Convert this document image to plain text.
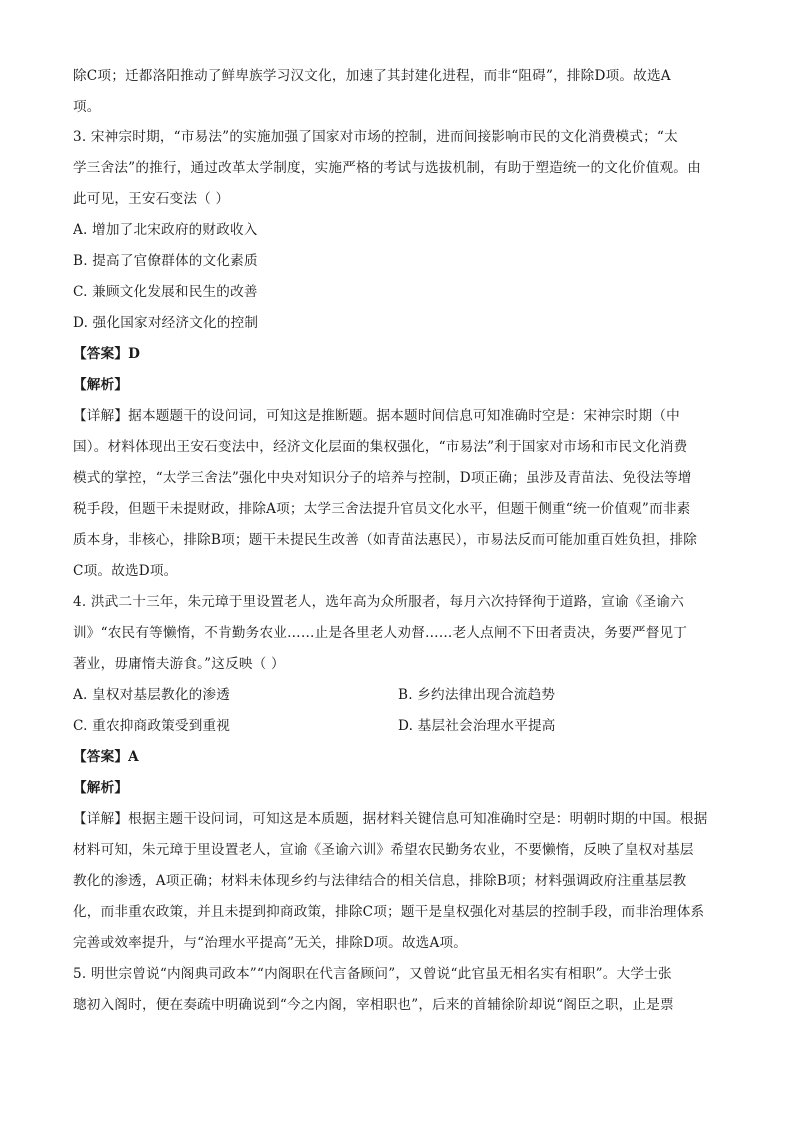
除C项；迁都洛阳推动了鲜卑族学习汉文化，加速了其封建化进程，而非“阻碍”，排除D项。故选A
项。
3. 宋神宗时期，“市易法”的实施加强了国家对市场的控制，进而间接影响市民的文化消费模式；“太
学三舍法”的推行，通过改革太学制度，实施严格的考试与选拔机制，有助于塑造统一的文化价值观。由
此可见，王安石变法（ ）
A. 增加了北宋政府的财政收入
B. 提高了官僚群体的文化素质
C. 兼顾文化发展和民生的改善
D. 强化国家对经济文化的控制
【答案】D
【解析】
【详解】据本题题干的设问词，可知这是推断题。据本题时间信息可知准确时空是：宋神宗时期（中
国）。材料体现出王安石变法中，经济文化层面的集权强化，“市易法”利于国家对市场和市民文化消费
模式的掌控，“太学三舍法”强化中央对知识分子的培养与控制，D项正确；虽涉及青苗法、免役法等增
税手段，但题干未提财政，排除A项；太学三舍法提升官员文化水平，但题干侧重“统一价值观”而非素
质本身，非核心，排除B项；题干未提民生改善（如青苗法惠民），市易法反而可能加重百姓负担，排除
C项。故选D项。
4. 洪武二十三年，朱元璋于里设置老人，选年高为众所服者，每月六次持铎徇于道路，宣谕《圣谕六
训》“农民有等懒惰，不肯勤务农业……止是各里老人劝督……老人点闸不下田者责决，务要严督见丁
著业，毋庸惰夫游食。”这反映（ ）
A. 皇权对基层教化的渗透	B. 乡约法律出现合流趋势
C. 重农抑商政策受到重视	D. 基层社会治理水平提高
【答案】A
【解析】
【详解】根据主题干设问词，可知这是本质题，据材料关键信息可知准确时空是：明朝时期的中国。根据
材料可知，朱元璋于里设置老人，宣谕《圣谕六训》希望农民勤务农业，不要懒惰，反映了皇权对基层
教化的渗透，A项正确；材料未体现乡约与法律结合的相关信息，排除B项；材料强调政府注重基层教
化，而非重农政策，并且未提到抑商政策，排除C项；题干是皇权强化对基层的控制手段，而非治理体系
完善或效率提升，与“治理水平提高”无关，排除D项。故选A项。
5. 明世宗曾说“内阁典司政本”“内阁职在代言备顾问”，又曾说“此官虽无相名实有相职”。大学士张
璁初入阁时，便在奏疏中明确说到“今之内阁，宰相职也”，后来的首辅徐阶却说“阁臣之职，止是票
